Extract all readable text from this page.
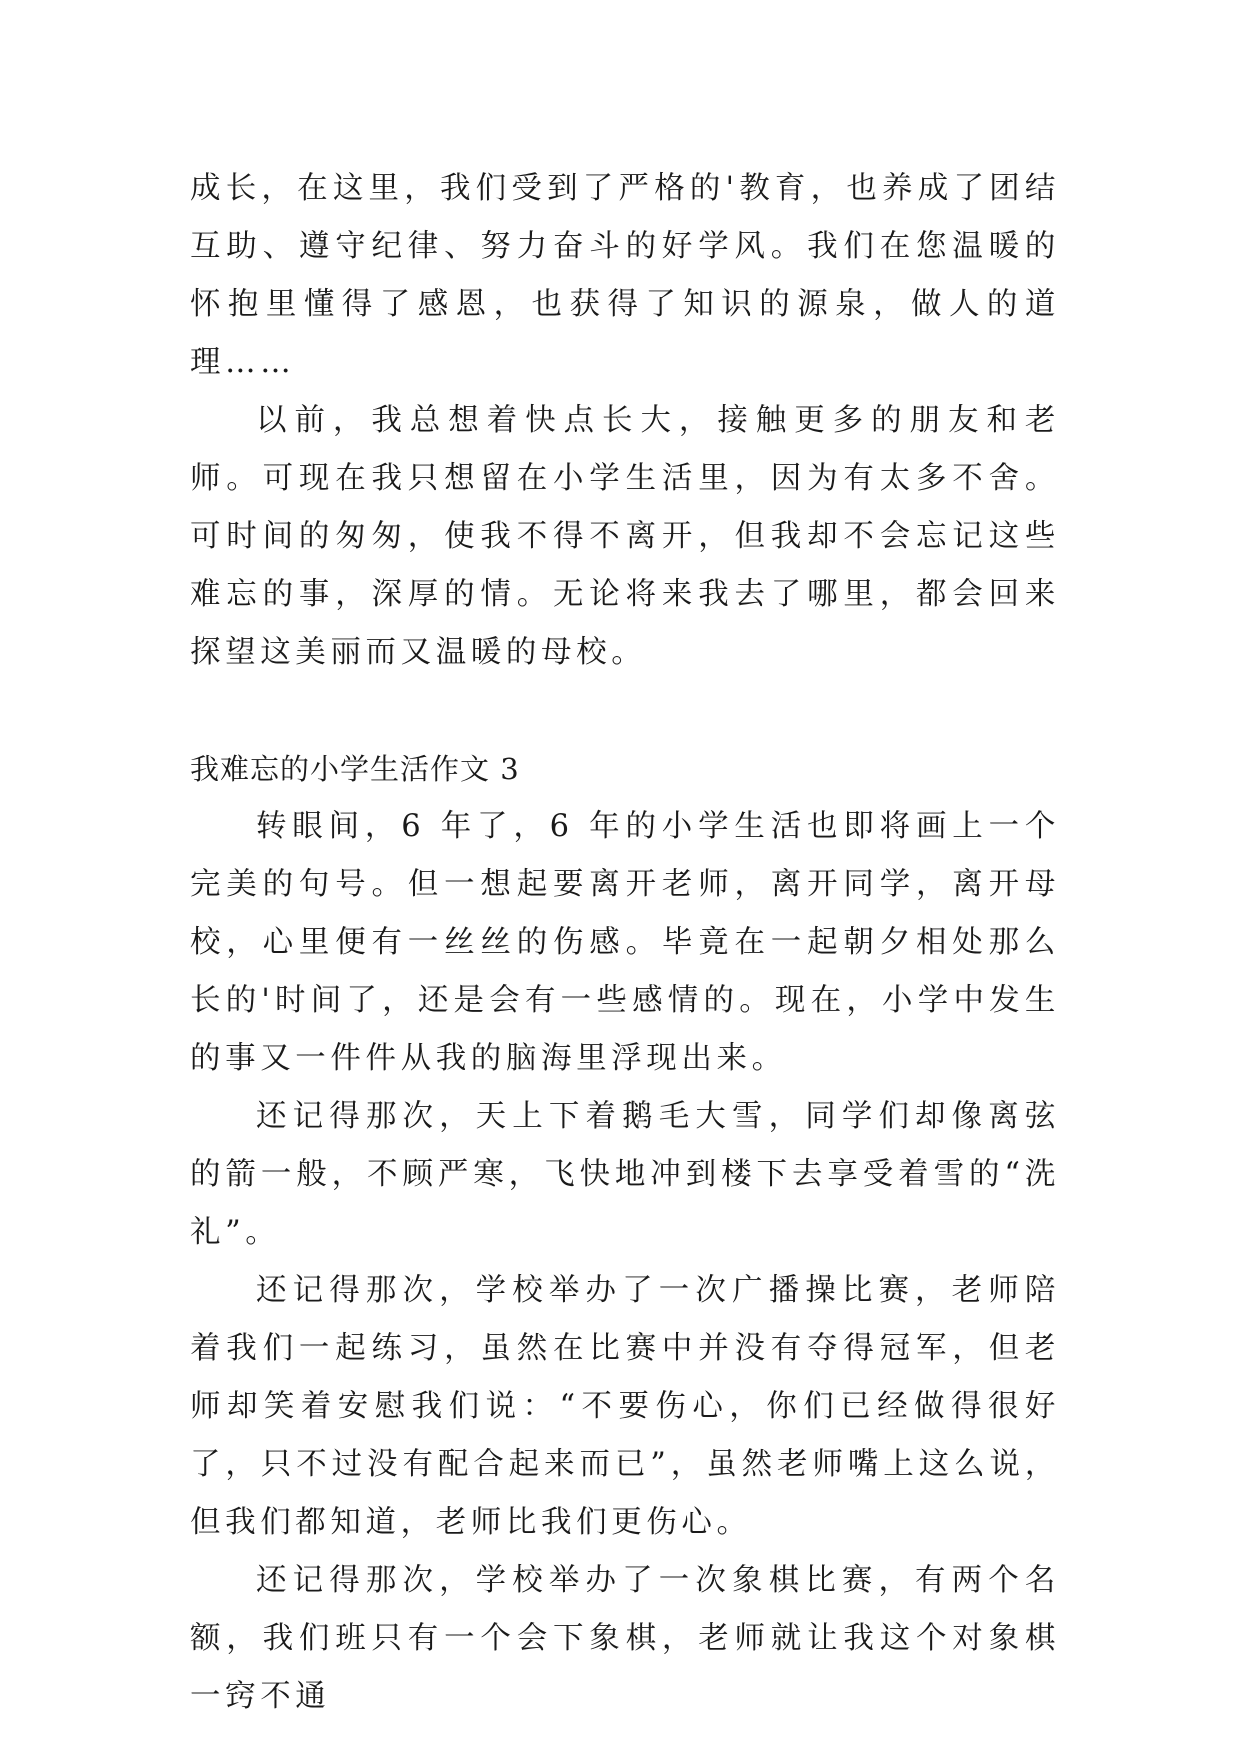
成长，在这里，我们受到了严格的'教育，也养成了团结互助、遵守纪律、努力奋斗的好学风。我们在您温暖的怀抱里懂得了感恩，也获得了知识的源泉，做人的道理……

以前，我总想着快点长大，接触更多的朋友和老师。可现在我只想留在小学生活里，因为有太多不舍。可时间的匆匆，使我不得不离开，但我却不会忘记这些难忘的事，深厚的情。无论将来我去了哪里，都会回来探望这美丽而又温暖的母校。

我难忘的小学生活作文 3

转眼间，6 年了，6 年的小学生活也即将画上一个完美的句号。但一想起要离开老师，离开同学，离开母校，心里便有一丝丝的伤感。毕竟在一起朝夕相处那么长的'时间了，还是会有一些感情的。现在，小学中发生的事又一件件从我的脑海里浮现出来。

还记得那次，天上下着鹅毛大雪，同学们却像离弦的箭一般，不顾严寒，飞快地冲到楼下去享受着雪的“洗礼”。

还记得那次，学校举办了一次广播操比赛，老师陪着我们一起练习，虽然在比赛中并没有夺得冠军，但老师却笑着安慰我们说：“不要伤心，你们已经做得很好了，只不过没有配合起来而已”，虽然老师嘴上这么说，但我们都知道，老师比我们更伤心。

还记得那次，学校举办了一次象棋比赛，有两个名额，我们班只有一个会下象棋，老师就让我这个对象棋一窍不通
